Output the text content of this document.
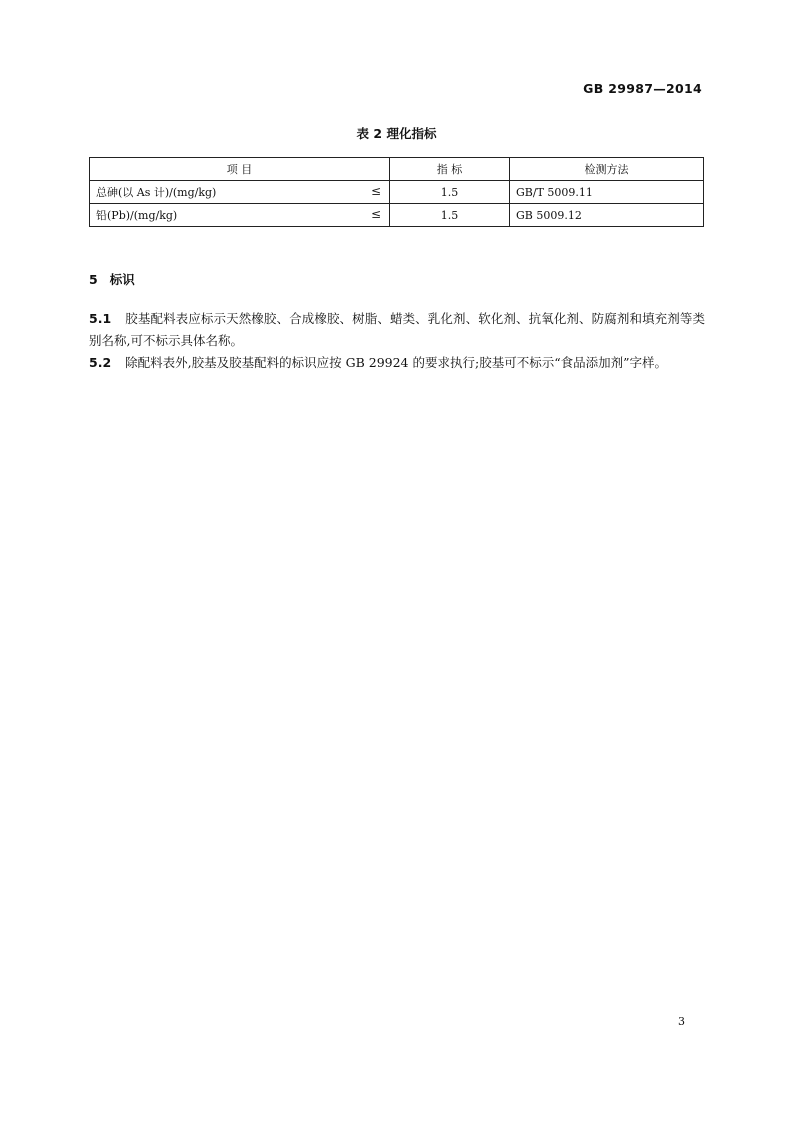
GB 29987—2014
表 2 理化指标
项 目	指 标	检测方法
总砷(以 As 计)/(mg/kg) ≤	1.5	GB/T 5009.11
铅(Pb)/(mg/kg) ≤	1.5	GB 5009.12
5 标识
5.1 胶基配料表应标示天然橡胶、合成橡胶、树脂、蜡类、乳化剂、软化剂、抗氧化剂、防腐剂和填充剂等类别名称,可不标示具体名称。
5.2 除配料表外,胶基及胶基配料的标识应按 GB 29924 的要求执行;胶基可不标示“食品添加剂”字样。
3
